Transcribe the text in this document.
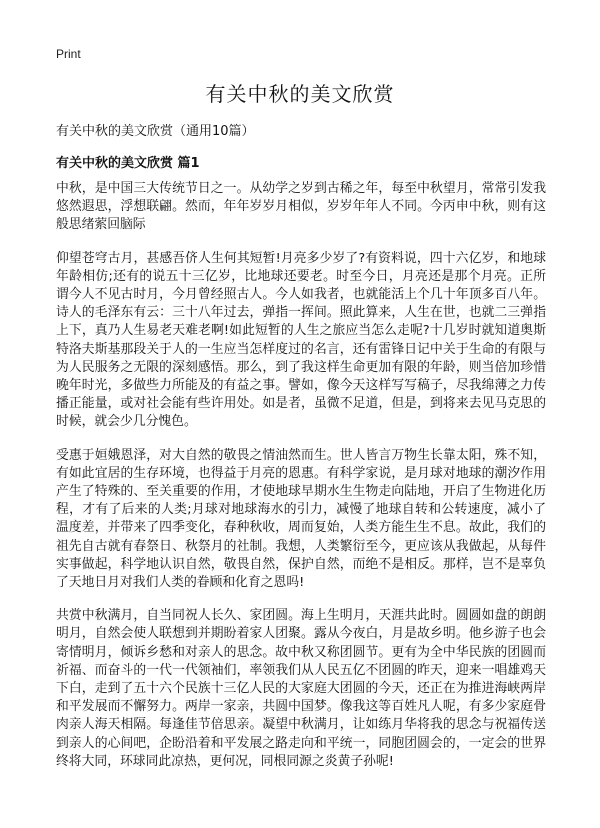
Print
有关中秋的美文欣赏
有关中秋的美文欣赏（通用10篇）
有关中秋的美文欣赏 篇1

中秋，是中国三大传统节日之一。从幼学之岁到古稀之年，每至中秋望月，常常引发我悠然遐思，浮想联翩。然而，年年岁岁月相似，岁岁年年人不同。今丙申中秋，则有这般思绪萦回脑际

仰望苍穹古月，甚感吾侪人生何其短暂!月亮多少岁了?有资料说，四十六亿岁，和地球年龄相仿;还有的说五十三亿岁，比地球还要老。时至今日，月亮还是那个月亮。正所谓今人不见古时月，今月曾经照古人。今人如我者，也就能活上个几十年顶多百八年。诗人的毛泽东有云：三十八年过去，弹指一挥间。照此算来，人生在世，也就二三弹指上下，真乃人生易老天难老啊!如此短暂的人生之旅应当怎么走呢?十几岁时就知道奥斯特洛夫斯基那段关于人的一生应当怎样度过的名言，还有雷锋日记中关于生命的有限与为人民服务之无限的深刻感悟。那么，到了我这样生命更加有限的年龄，则当倍加珍惜晚年时光，多做些力所能及的有益之事。譬如，像今天这样写写稿子，尽我绵薄之力传播正能量，或对社会能有些许用处。如是者，虽微不足道，但是，到将来去见马克思的时候，就会少几分愧色。

受惠于姮娥恩泽，对大自然的敬畏之情油然而生。世人皆言万物生长靠太阳，殊不知，有如此宜居的生存环境，也得益于月亮的恩惠。有科学家说，是月球对地球的潮汐作用产生了特殊的、至关重要的作用，才使地球早期水生生物走向陆地，开启了生物进化历程，才有了后来的人类;月球对地球海水的引力，减慢了地球自转和公转速度，减小了温度差，并带来了四季变化，春种秋收，周而复始，人类方能生生不息。故此，我们的祖先自古就有春祭日、秋祭月的社制。我想，人类繁衍至今，更应该从我做起，从每件实事做起，科学地认识自然，敬畏自然，保护自然，而绝不是相反。那样，岂不是辜负了天地日月对我们人类的眷顾和化育之恩吗!

共赏中秋满月，自当同祝人长久、家团圆。海上生明月，天涯共此时。圆圆如盘的朗朗明月，自然会使人联想到并期盼着家人团聚。露从今夜白，月是故乡明。他乡游子也会寄情明月，倾诉乡愁和对亲人的思念。故中秋又称团圆节。更有为全中华民族的团圆而祈福、而奋斗的一代一代领袖们，率领我们从人民五亿不团圆的昨天，迎来一唱雄鸡天下白，走到了五十六个民族十三亿人民的大家庭大团圆的今天，还正在为推进海峡两岸和平发展而不懈努力。两岸一家亲，共圆中国梦。像我这等百姓凡人呢，有多少家庭骨肉亲人海天相隔。每逢佳节倍思亲。凝望中秋满月，让如练月华将我的思念与祝福传送到亲人的心间吧，企盼沿着和平发展之路走向和平统一，同胞团圆会的，一定会的世界终将大同，环球同此凉热，更何况，同根同源之炎黄子孙呢!
